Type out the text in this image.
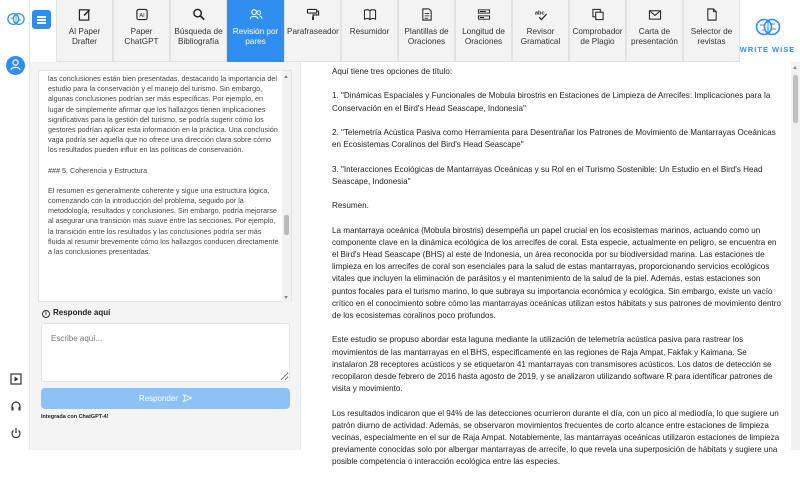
Al Paper Drafter
AI
Paper ChatGPT
Búsqueda de Bibliografía
Revisión por pares
Parafraseador	Resumidor	Plantillas de Oraciones
Longitud de Oraciones
abc
Revisor Gramatical
Comprobador de Plagio
Carta de presentación
Selector de revistas
WRITE WISE

las conclusiones están bien presentadas, destacando la importancia del estudio para la conservación y el manejo del turismo. Sin embargo, algunas conclusiones podrían ser más específicas. Por ejemplo, en lugar de simplemente afirmar que los hallazgos tienen implicaciones significativas para la gestión del turismo, se podría sugerir cómo los gestores podrían aplicar esta información en la práctica. Una conclusión vaga podría ser aquella que no ofrece una dirección clara sobre cómo los resultados pueden influir en las políticas de conservación.

### 5. Coherencia y Estructura

El resumen es generalmente coherente y sigue una estructura lógica, comenzando con la introducción del problema, seguido por la metodología, resultados y conclusiones. Sin embargo, podría mejorarse al asegurar una transición más suave entre las secciones. Por ejemplo, la transición entre los resultados y las conclusiones podría ser más fluida al resumir brevemente cómo los hallazgos conducen directamente a las conclusiones presentadas.

i Responde aquí
Escribe aquí...
Responder
Integrada con ChatGPT-4!

Aquí tiene tres opciones de título:

1. "Dinámicas Espaciales y Funcionales de Mobula birostris en Estaciones de Limpieza de Arrecifes: Implicaciones para la Conservación en el Bird's Head Seascape, Indonesia"

2. "Telemetría Acústica Pasiva como Herramienta para Desentrañar los Patrones de Movimiento de Mantarrayas Oceánicas en Ecosistemas Coralinos del Bird's Head Seascape"

3. "Interacciones Ecológicas de Mantarrayas Oceánicas y su Rol en el Turismo Sostenible: Un Estudio en el Bird's Head Seascape, Indonesia"

Resumen.

La mantarraya oceánica (Mobula birostris) desempeña un papel crucial en los ecosistemas marinos, actuando como un componente clave en la dinámica ecológica de los arrecifes de coral. Esta especie, actualmente en peligro, se encuentra en el Bird's Head Seascape (BHS) al este de Indonesia, un área reconocida por su biodiversidad marina. Las estaciones de limpieza en los arrecifes de coral son esenciales para la salud de estas mantarrayas, proporcionando servicios ecológicos vitales que incluyen la eliminación de parásitos y el mantenimiento de la salud de la piel. Además, estas estaciones son puntos focales para el turismo marino, lo que subraya su importancia económica y ecológica. Sin embargo, existe un vacío crítico en el conocimiento sobre cómo las mantarrayas oceánicas utilizan estos hábitats y sus patrones de movimiento dentro de los ecosistemas coralinos poco profundos.

Este estudio se propuso abordar esta laguna mediante la utilización de telemetría acústica pasiva para rastrear los movimientos de las mantarrayas en el BHS, específicamente en las regiones de Raja Ampat, Fakfak y Kaimana. Se instalaron 28 receptores acústicos y se etiquetaron 41 mantarrayas con transmisores acústicos. Los datos de detección se recopilaron desde febrero de 2016 hasta agosto de 2019, y se analizaron utilizando software R para identificar patrones de visita y movimiento.

Los resultados indicaron que el 94% de las detecciones ocurrieron durante el día, con un pico al mediodía, lo que sugiere un patrón diurno de actividad. Además, se observaron movimientos frecuentes de corto alcance entre estaciones de limpieza vecinas, especialmente en el sur de Raja Ampat. Notablemente, las mantarrayas oceánicas utilizaron estaciones de limpieza previamente conocidas solo por albergar mantarrayas de arrecife, lo que revela una superposición de hábitats y sugiere una posible competencia o interacción ecológica entre las especies.
